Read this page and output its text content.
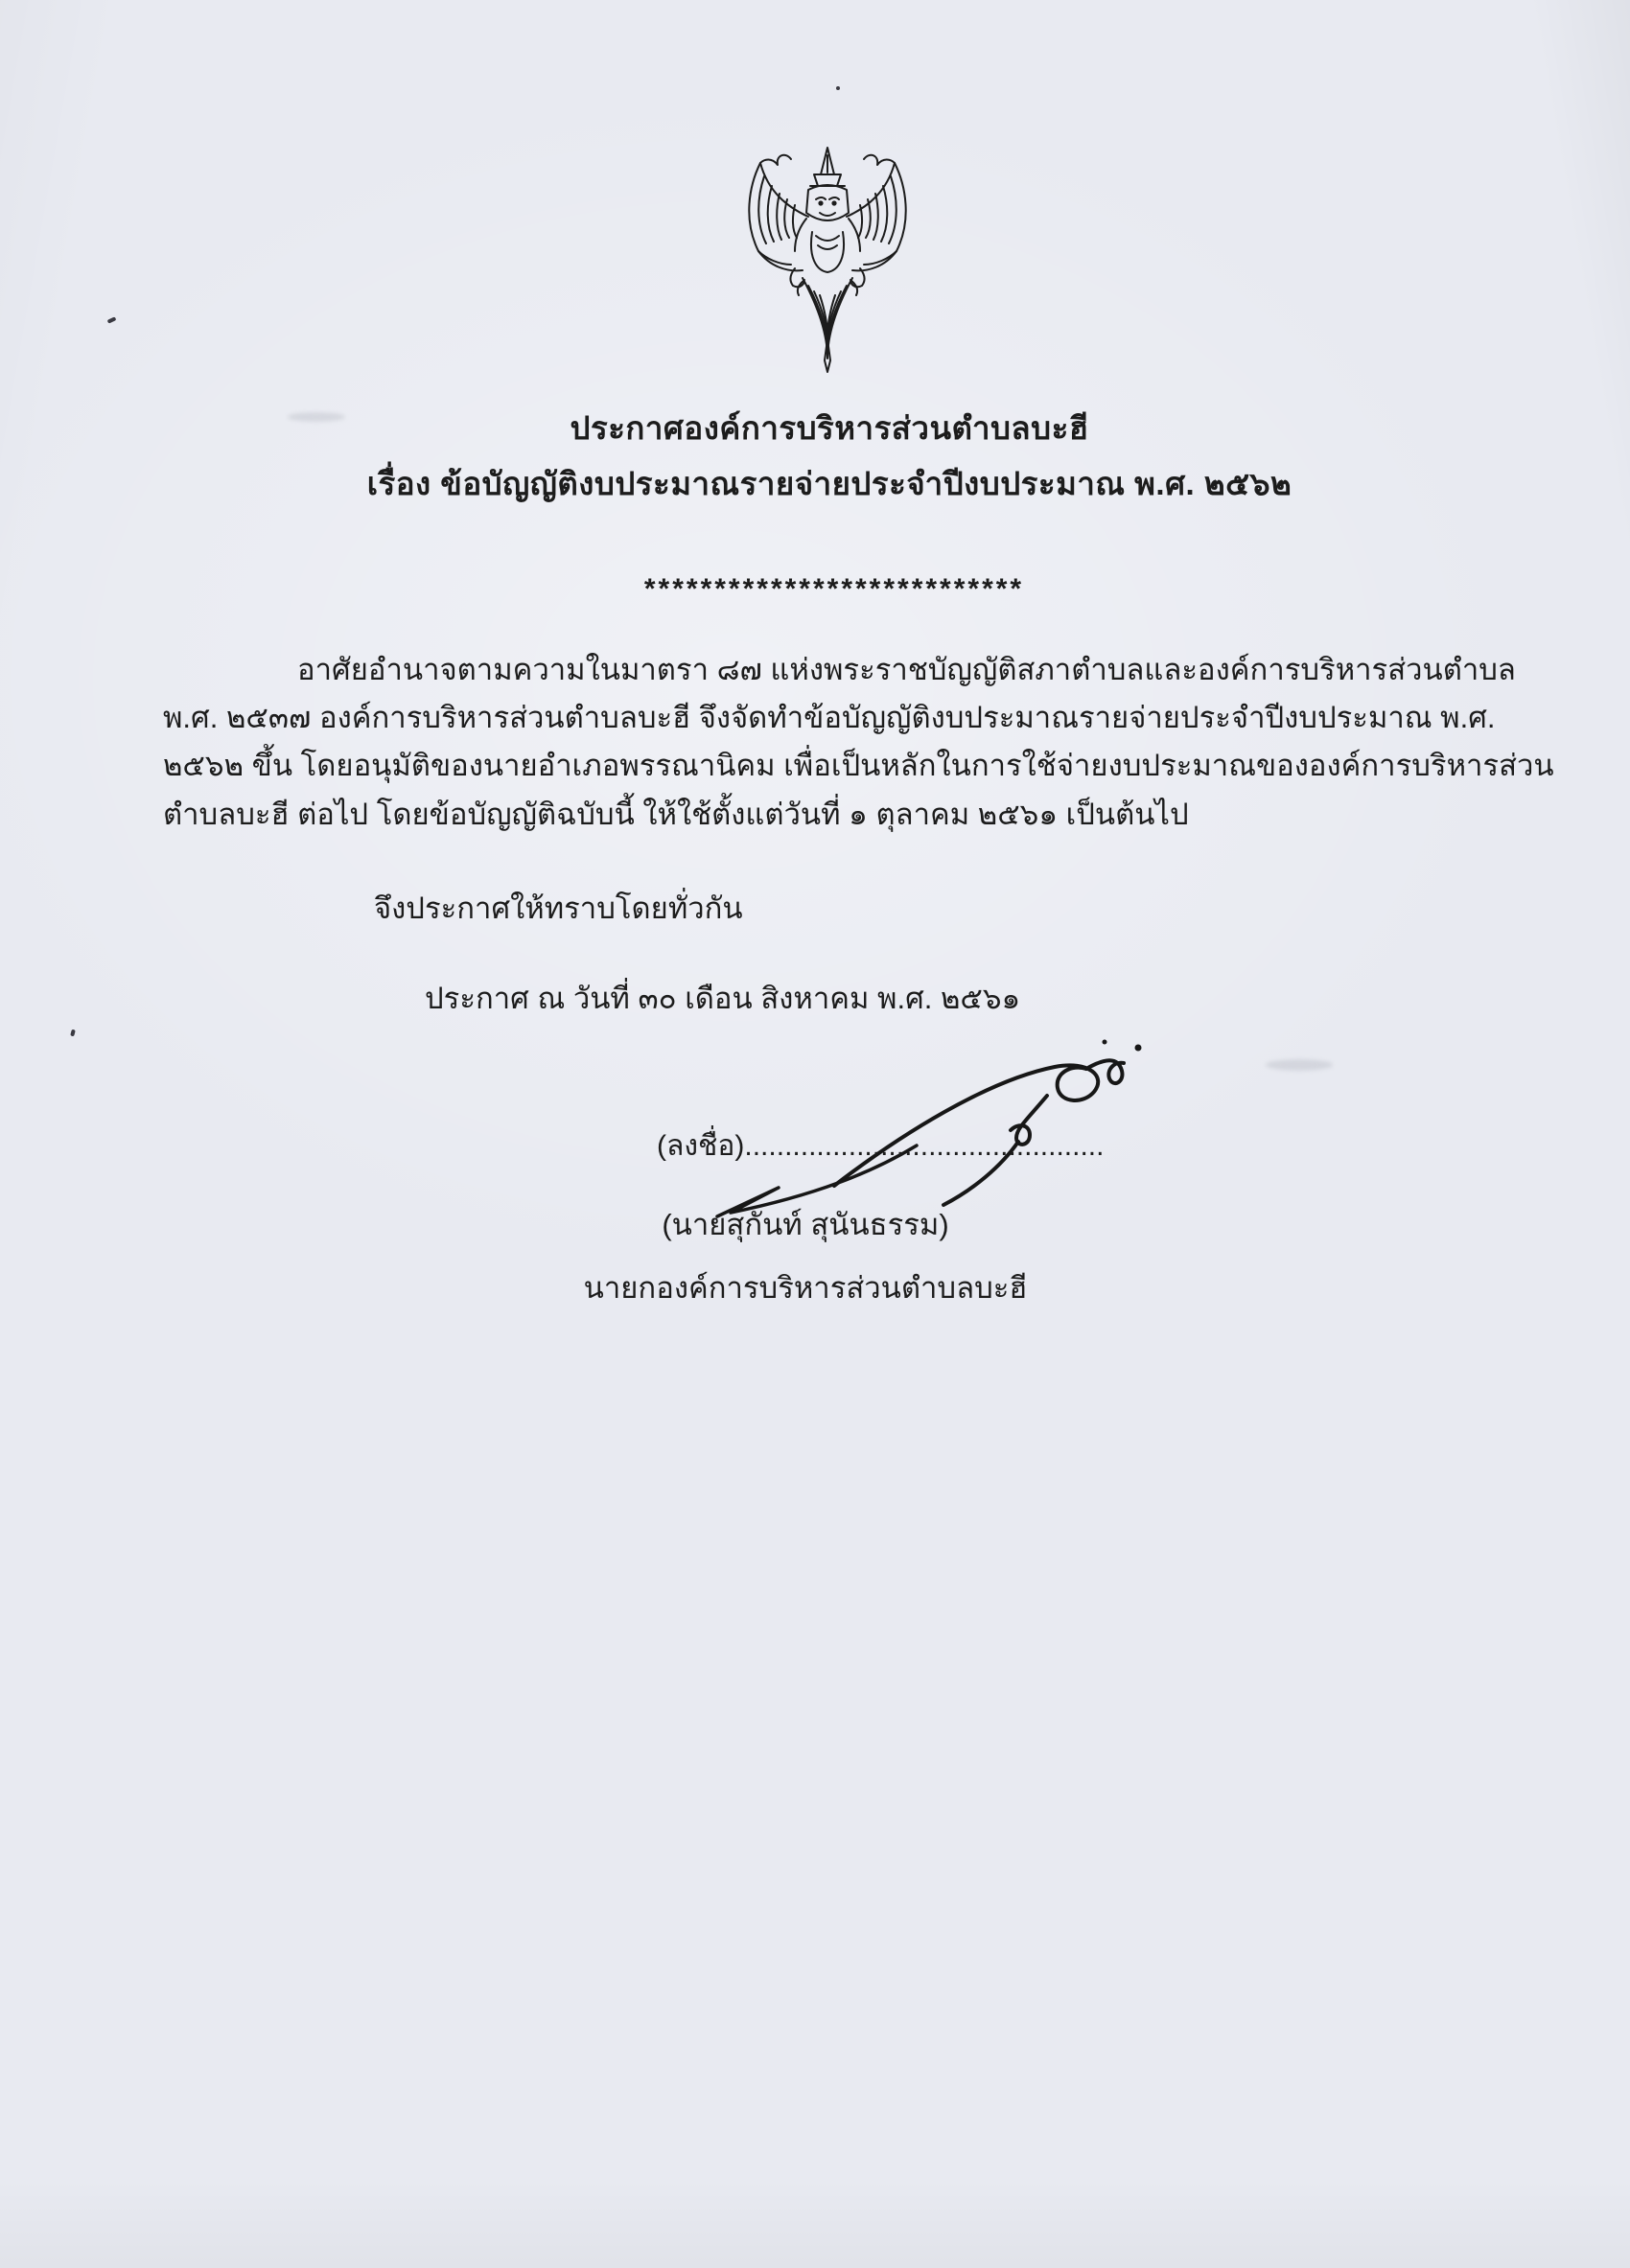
ประกาศองค์การบริหารส่วนตำบลบะฮี
เรื่อง ข้อบัญญัติงบประมาณรายจ่ายประจำปีงบประมาณ พ.ศ. ๒๕๖๒
***************************
อาศัยอำนาจตามความในมาตรา ๘๗ แห่งพระราชบัญญัติสภาตำบลและองค์การบริหารส่วนตำบล
พ.ศ. ๒๕๓๗ องค์การบริหารส่วนตำบลบะฮี จึงจัดทำข้อบัญญัติงบประมาณรายจ่ายประจำปีงบประมาณ พ.ศ.
๒๕๖๒ ขึ้น โดยอนุมัติของนายอำเภอพรรณานิคม เพื่อเป็นหลักในการใช้จ่ายงบประมาณขององค์การบริหารส่วน
ตำบลบะฮี ต่อไป โดยข้อบัญญัติฉบับนี้ ให้ใช้ตั้งแต่วันที่ ๑ ตุลาคม ๒๕๖๑ เป็นต้นไป
จึงประกาศให้ทราบโดยทั่วกัน
ประกาศ ณ วันที่ ๓๐ เดือน สิงหาคม พ.ศ. ๒๕๖๑
(ลงชื่อ).............................................
(นายสุกันท์ สุนันธรรม)
นายกองค์การบริหารส่วนตำบลบะฮี
